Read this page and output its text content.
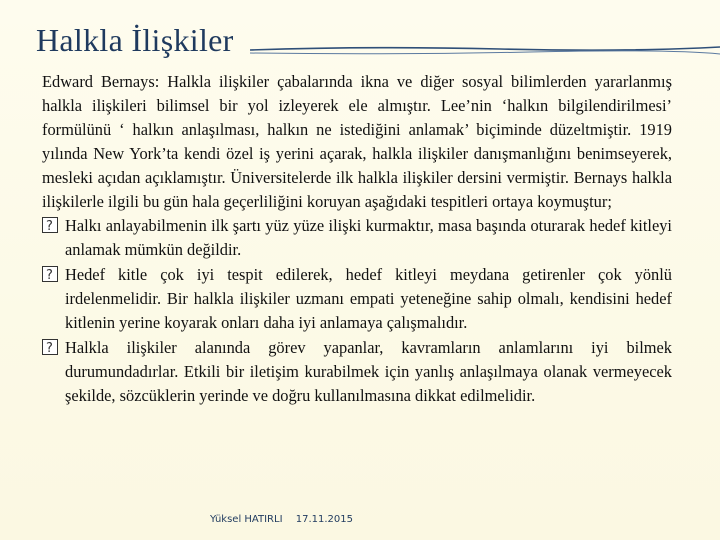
Halkla İlişkiler

Edward Bernays: Halkla ilişkiler çabalarında ikna ve diğer sosyal bilimlerden yararlanmış halkla ilişkileri bilimsel bir yol izleyerek ele almıştır. Lee’nin ‘halkın bilgilendirilmesi’ formülünü ‘ halkın anlaşılması, halkın ne istediğini anlamak’ biçiminde düzeltmiştir. 1919 yılında New York’ta kendi özel iş yerini açarak, halkla ilişkiler danışmanlığını benimseyerek, mesleki açıdan açıklamıştır. Üniversitelerde ilk halkla ilişkiler dersini vermiştir. Bernays halkla ilişkilerle ilgili bu gün hala geçerliliğini koruyan aşağıdaki tespitleri ortaya koymuştur;

?
Halkı anlayabilmenin ilk şartı yüz yüze ilişki kurmaktır, masa başında oturarak hedef kitleyi anlamak mümkün değildir.
?
Hedef kitle çok iyi tespit edilerek, hedef kitleyi meydana getirenler çok yönlü irdelenmelidir. Bir halkla ilişkiler uzmanı empati yeteneğine sahip olmalı, kendisini hedef kitlenin yerine koyarak onları daha iyi anlamaya çalışmalıdır.
?
Halkla ilişkiler alanında görev yapanlar, kavramların anlamlarını iyi bilmek durumundadırlar. Etkili bir iletişim kurabilmek için yanlış anlaşılmaya olanak vermeyecek şekilde, sözcüklerin yerinde ve doğru kullanılmasına dikkat edilmelidir.
Yüksel HATIRLI 17.11.2015
